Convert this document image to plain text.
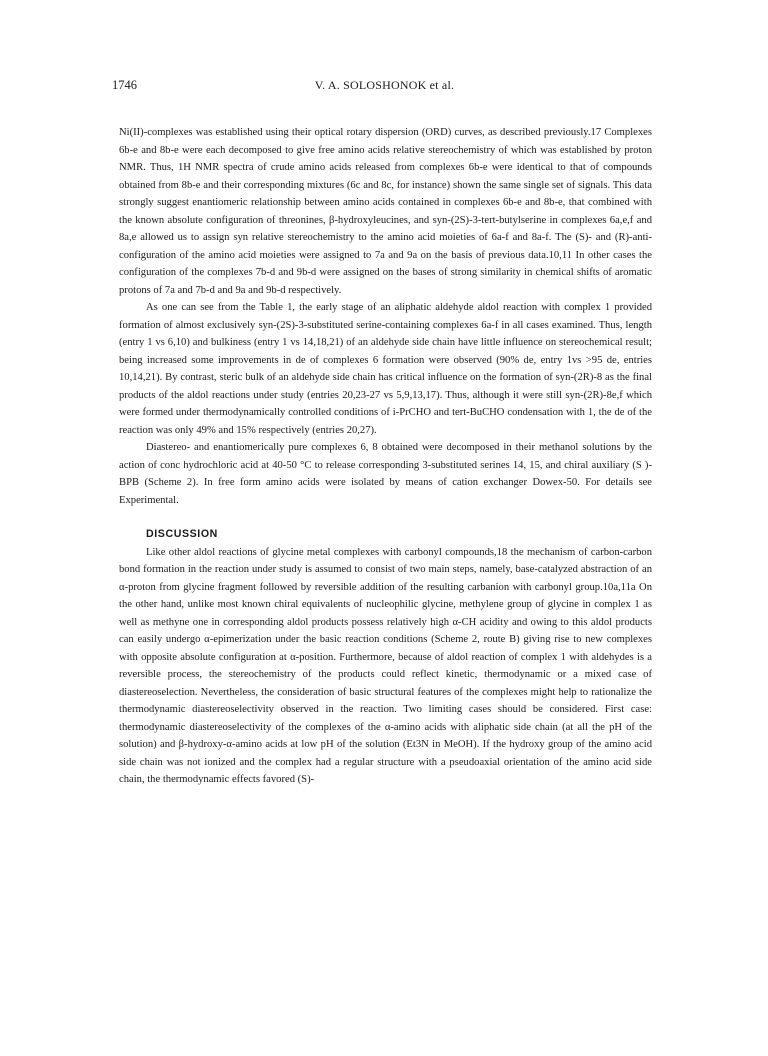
1746	V. A. SOLOSHONOK et al.

Ni(II)-complexes was established using their optical rotary dispersion (ORD) curves, as described previously.17 Complexes 6b-e and 8b-e were each decomposed to give free amino acids relative stereochemistry of which was established by proton NMR. Thus, 1H NMR spectra of crude amino acids released from complexes 6b-e were identical to that of compounds obtained from 8b-e and their corresponding mixtures (6c and 8c, for instance) shown the same single set of signals. This data strongly suggest enantiomeric relationship between amino acids contained in complexes 6b-e and 8b-e, that combined with the known absolute configuration of threonines, β-hydroxyleucines, and syn-(2S)-3-tert-butylserine in complexes 6a,e,f and 8a,e allowed us to assign syn relative stereochemistry to the amino acid moieties of 6a-f and 8a-f. The (S)- and (R)-anti-configuration of the amino acid moieties were assigned to 7a and 9a on the basis of previous data.10,11 In other cases the configuration of the complexes 7b-d and 9b-d were assigned on the bases of strong similarity in chemical shifts of aromatic protons of 7a and 7b-d and 9a and 9b-d respectively.

As one can see from the Table 1, the early stage of an aliphatic aldehyde aldol reaction with complex 1 provided formation of almost exclusively syn-(2S)-3-substituted serine-containing complexes 6a-f in all cases examined. Thus, length (entry 1 vs 6,10) and bulkiness (entry 1 vs 14,18,21) of an aldehyde side chain have little influence on stereochemical result; being increased some improvements in de of complexes 6 formation were observed (90% de, entry 1vs >95 de, entries 10,14,21). By contrast, steric bulk of an aldehyde side chain has critical influence on the formation of syn-(2R)-8 as the final products of the aldol reactions under study (entries 20,23-27 vs 5,9,13,17). Thus, although it were still syn-(2R)-8e,f which were formed under thermodynamically controlled conditions of i-PrCHO and tert-BuCHO condensation with 1, the de of the reaction was only 49% and 15% respectively (entries 20,27).

Diastereo- and enantiomerically pure complexes 6, 8 obtained were decomposed in their methanol solutions by the action of conc hydrochloric acid at 40-50 °C to release corresponding 3-substituted serines 14, 15, and chiral auxiliary (S )-BPB (Scheme 2). In free form amino acids were isolated by means of cation exchanger Dowex-50. For details see Experimental.

DISCUSSION

Like other aldol reactions of glycine metal complexes with carbonyl compounds,18 the mechanism of carbon-carbon bond formation in the reaction under study is assumed to consist of two main steps, namely, base-catalyzed abstraction of an α-proton from glycine fragment followed by reversible addition of the resulting carbanion with carbonyl group.10a,11a On the other hand, unlike most known chiral equivalents of nucleophilic glycine, methylene group of glycine in complex 1 as well as methyne one in corresponding aldol products possess relatively high α-CH acidity and owing to this aldol products can easily undergo α-epimerization under the basic reaction conditions (Scheme 2, route B) giving rise to new complexes with opposite absolute configuration at α-position. Furthermore, because of aldol reaction of complex 1 with aldehydes is a reversible process, the stereochemistry of the products could reflect kinetic, thermodynamic or a mixed case of diastereoselection. Nevertheless, the consideration of basic structural features of the complexes might help to rationalize the thermodynamic diastereoselectivity observed in the reaction. Two limiting cases should be considered. First case: thermodynamic diastereoselectivity of the complexes of the α-amino acids with aliphatic side chain (at all the pH of the solution) and β-hydroxy-α-amino acids at low pH of the solution (Et3N in MeOH). If the hydroxy group of the amino acid side chain was not ionized and the complex had a regular structure with a pseudoaxial orientation of the amino acid side chain, the thermodynamic effects favored (S)-
